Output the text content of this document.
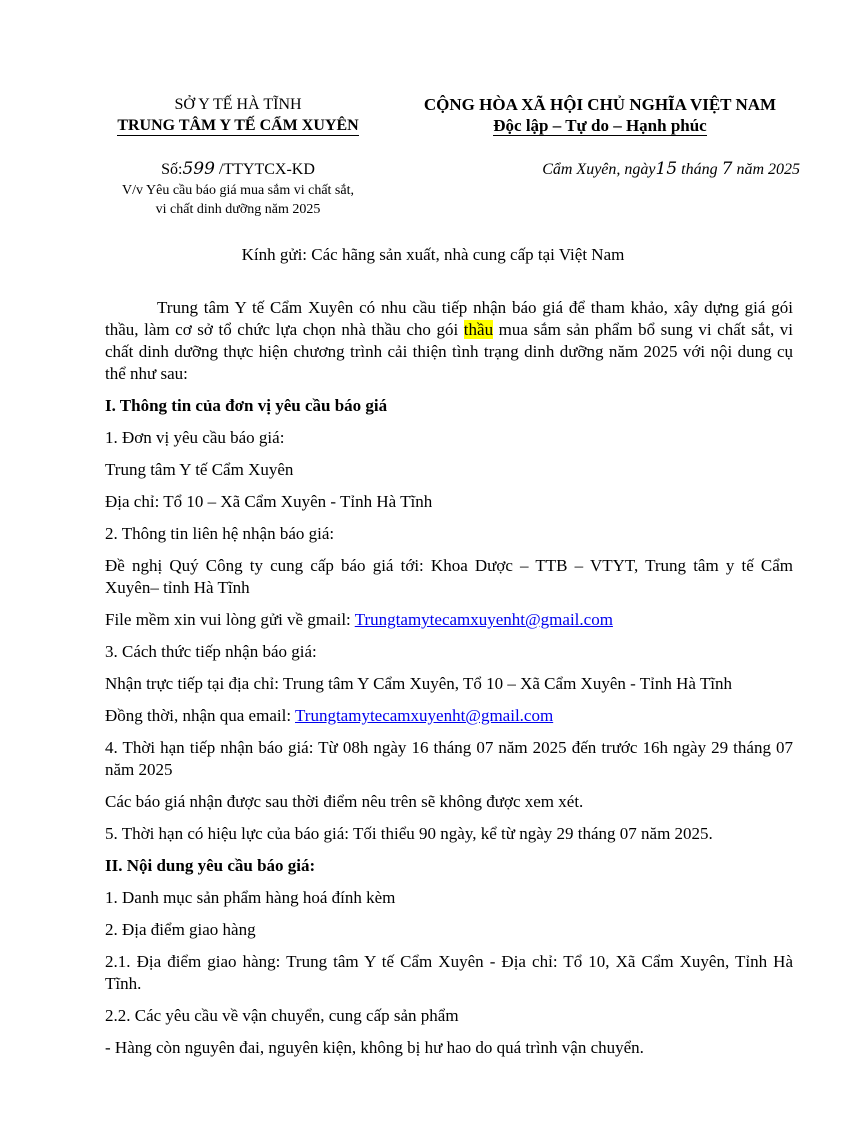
SỞ Y TẾ HÀ TĨNH
TRUNG TÂM Y TẾ CẨM XUYÊN
CỘNG HÒA XÃ HỘI CHỦ NGHĨA VIỆT NAM
Độc lập – Tự do – Hạnh phúc
Số:599 /TTYTCX-KD
V/v Yêu cầu báo giá mua sắm vi chất sắt,
vi chất dinh dưỡng năm 2025
Cẩm Xuyên, ngày15 tháng 7 năm 2025
Kính gửi: Các hãng sản xuất, nhà cung cấp tại Việt Nam

Trung tâm Y tế Cẩm Xuyên có nhu cầu tiếp nhận báo giá để tham khảo, xây dựng giá gói thầu, làm cơ sở tổ chức lựa chọn nhà thầu cho gói thầu mua sắm sản phẩm bổ sung vi chất sắt, vi chất dinh dưỡng thực hiện chương trình cải thiện tình trạng dinh dưỡng năm 2025 với nội dung cụ thể như sau:

I. Thông tin của đơn vị yêu cầu báo giá

1. Đơn vị yêu cầu báo giá:

Trung tâm Y tế Cẩm Xuyên

Địa chỉ: Tổ 10 – Xã Cẩm Xuyên - Tỉnh Hà Tĩnh

2. Thông tin liên hệ nhận báo giá:

Đề nghị Quý Công ty cung cấp báo giá tới: Khoa Dược – TTB – VTYT, Trung tâm y tế Cẩm Xuyên– tỉnh Hà Tĩnh

File mềm xin vui lòng gửi về gmail: Trungtamytecamxuyenht@gmail.com

3. Cách thức tiếp nhận báo giá:

Nhận trực tiếp tại địa chỉ: Trung tâm Y Cẩm Xuyên, Tổ 10 – Xã Cẩm Xuyên - Tỉnh Hà Tĩnh

Đồng thời, nhận qua email: Trungtamytecamxuyenht@gmail.com

4. Thời hạn tiếp nhận báo giá: Từ 08h ngày 16 tháng 07 năm 2025 đến trước 16h ngày 29 tháng 07 năm 2025

Các báo giá nhận được sau thời điểm nêu trên sẽ không được xem xét.

5. Thời hạn có hiệu lực của báo giá: Tối thiểu 90 ngày, kể từ ngày 29 tháng 07 năm 2025.

II. Nội dung yêu cầu báo giá:

1. Danh mục sản phẩm hàng hoá đính kèm

2. Địa điểm giao hàng

2.1. Địa điểm giao hàng: Trung tâm Y tế Cẩm Xuyên - Địa chỉ: Tổ 10, Xã Cẩm Xuyên, Tỉnh Hà Tĩnh.

2.2. Các yêu cầu về vận chuyển, cung cấp sản phẩm

- Hàng còn nguyên đai, nguyên kiện, không bị hư hao do quá trình vận chuyển.
